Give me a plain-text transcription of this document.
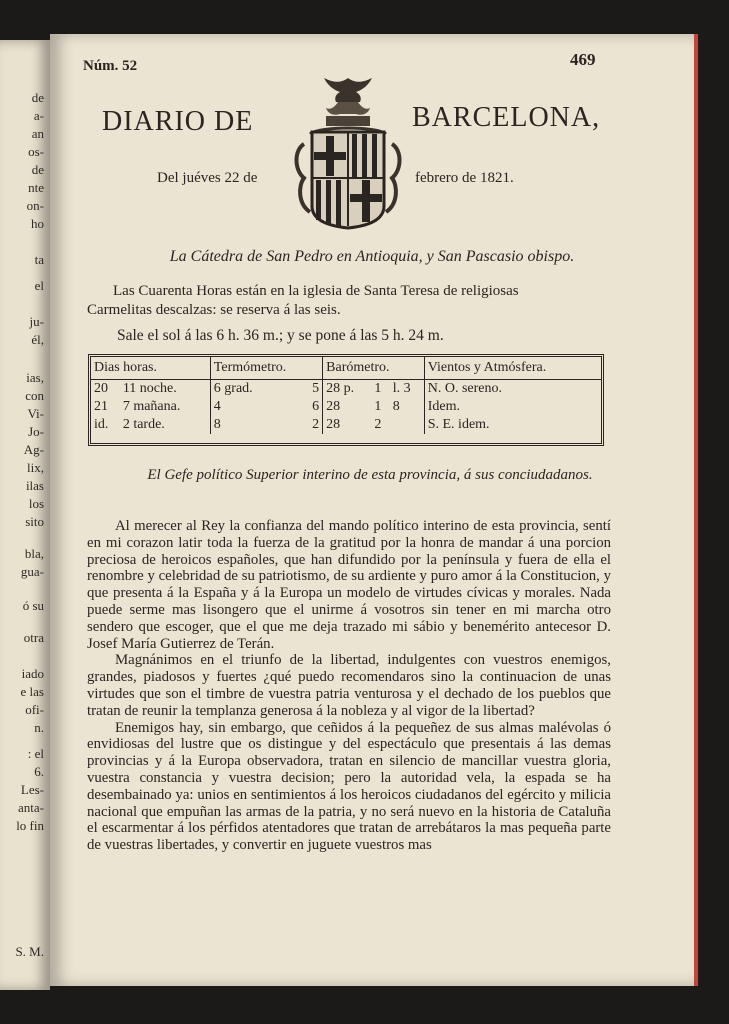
de
a-
an
os-
de
nte
on-
ho
ta
el
ju-
él,
ias,
con
Vi-
Jo-
Ag-
lix,
ilas
los
sito
bla,
gua-
ó su
otra
iado
e las
ofi-
n.
: el
6.
Les-
anta-
lo fin
S. M.
Núm. 52	469
DIARIO DE	BARCELONA,
Del juéves 22 de	febrero de 1821.
La Cátedra de San Pedro en Antioquia, y San Pascasio obispo.

Las Cuarenta Horas están en la iglesia de Santa Teresa de religiosas

Carmelitas descalzas: se reserva á las seis.

Sale el sol á las 6 h. 36 m.; y se pone á las 5 h. 24 m.
Dias horas.		Termómetro.		Barómetro.			Vientos y Atmósfera.
20	11 noche.	6 grad.	5	28 p.	1	l. 3	N. O. sereno.
21	7 mañana.	4	6	28	1	8	Idem.
id.	2 tarde.	8	2	28	2		S. E. idem.
El Gefe político Superior interino de esta provincia, á sus conciudadanos.

Al merecer al Rey la confianza del mando político interino de esta provincia, sentí en mi corazon latir toda la fuerza de la gratitud por la honra de mandar á una porcion preciosa de heroicos españoles, que han difundido por la península y fuera de ella el renombre y celebridad de su patriotismo, de su ardiente y puro amor á la Constitucion, y que presenta á la España y á la Europa un modelo de virtudes cívicas y morales. Nada puede serme mas lisongero que el unirme á vosotros sin tener en mi marcha otro sendero que escoger, que el que me deja trazado mi sábio y benemérito antecesor D. Josef María Gutierrez de Terán.

Magnánimos en el triunfo de la libertad, indulgentes con vuestros enemigos, grandes, piadosos y fuertes ¿qué puedo recomendaros sino la continuacion de unas virtudes que son el timbre de vuestra patria venturosa y el dechado de los pueblos que tratan de reunir la templanza generosa á la nobleza y al vigor de la libertad?

Enemigos hay, sin embargo, que ceñidos á la pequeñez de sus almas malévolas ó envidiosas del lustre que os distingue y del espectáculo que presentais á las demas provincias y á la Europa observadora, tratan en silencio de mancillar vuestra gloria, vuestra constancia y vuestra decision; pero la autoridad vela, la espada se ha desembainado ya: unios en sentimientos á los heroicos ciudadanos del egército y milicia nacional que empuñan las armas de la patria, y no será nuevo en la historia de Cataluña el escarmentar á los pérfidos atentadores que tratan de arrebátaros la mas pequeña parte de vuestras libertades, y convertir en juguete vuestros mas
